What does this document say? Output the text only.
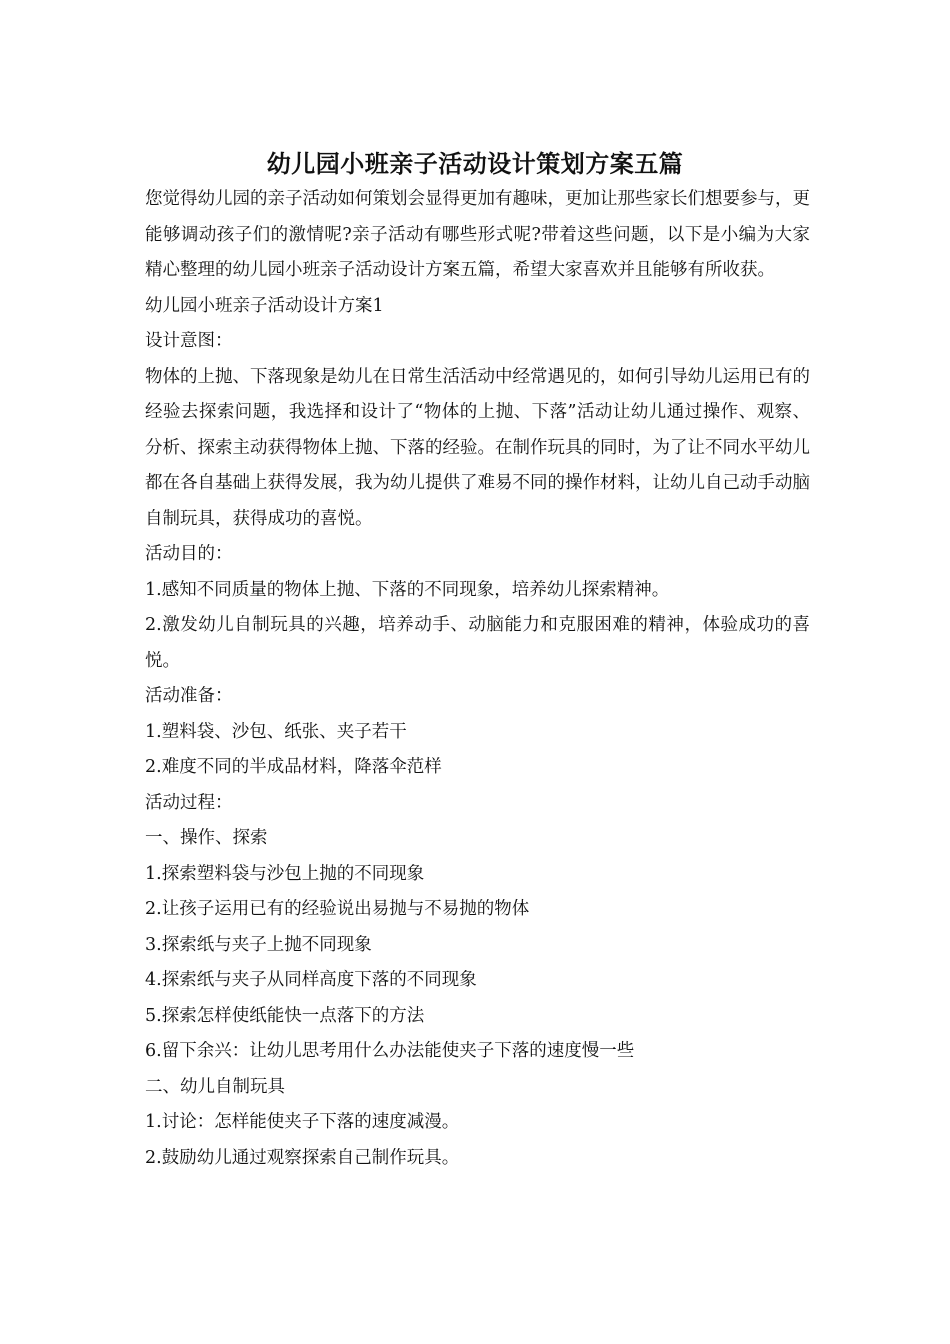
幼儿园小班亲子活动设计策划方案五篇

您觉得幼儿园的亲子活动如何策划会显得更加有趣味，更加让那些家长们想要参与，更能够调动孩子们的激情呢?亲子活动有哪些形式呢?带着这些问题，以下是小编为大家精心整理的幼儿园小班亲子活动设计方案五篇，希望大家喜欢并且能够有所收获。

幼儿园小班亲子活动设计方案1

设计意图：

物体的上抛、下落现象是幼儿在日常生活活动中经常遇见的，如何引导幼儿运用已有的经验去探索问题，我选择和设计了“物体的上抛、下落”活动让幼儿通过操作、观察、分析、探索主动获得物体上抛、下落的经验。在制作玩具的同时，为了让不同水平幼儿都在各自基础上获得发展，我为幼儿提供了难易不同的操作材料，让幼儿自己动手动脑自制玩具，获得成功的喜悦。

活动目的：

1.感知不同质量的物体上抛、下落的不同现象，培养幼儿探索精神。

2.激发幼儿自制玩具的兴趣，培养动手、动脑能力和克服困难的精神，体验成功的喜悦。

活动准备：

1.塑料袋、沙包、纸张、夹子若干

2.难度不同的半成品材料，降落伞范样

活动过程：

一、操作、探索

1.探索塑料袋与沙包上抛的不同现象

2.让孩子运用已有的经验说出易抛与不易抛的物体

3.探索纸与夹子上抛不同现象

4.探索纸与夹子从同样高度下落的不同现象

5.探索怎样使纸能快一点落下的方法

6.留下余兴：让幼儿思考用什么办法能使夹子下落的速度慢一些

二、幼儿自制玩具

1.讨论：怎样能使夹子下落的速度减漫。

2.鼓励幼儿通过观察探索自己制作玩具。
